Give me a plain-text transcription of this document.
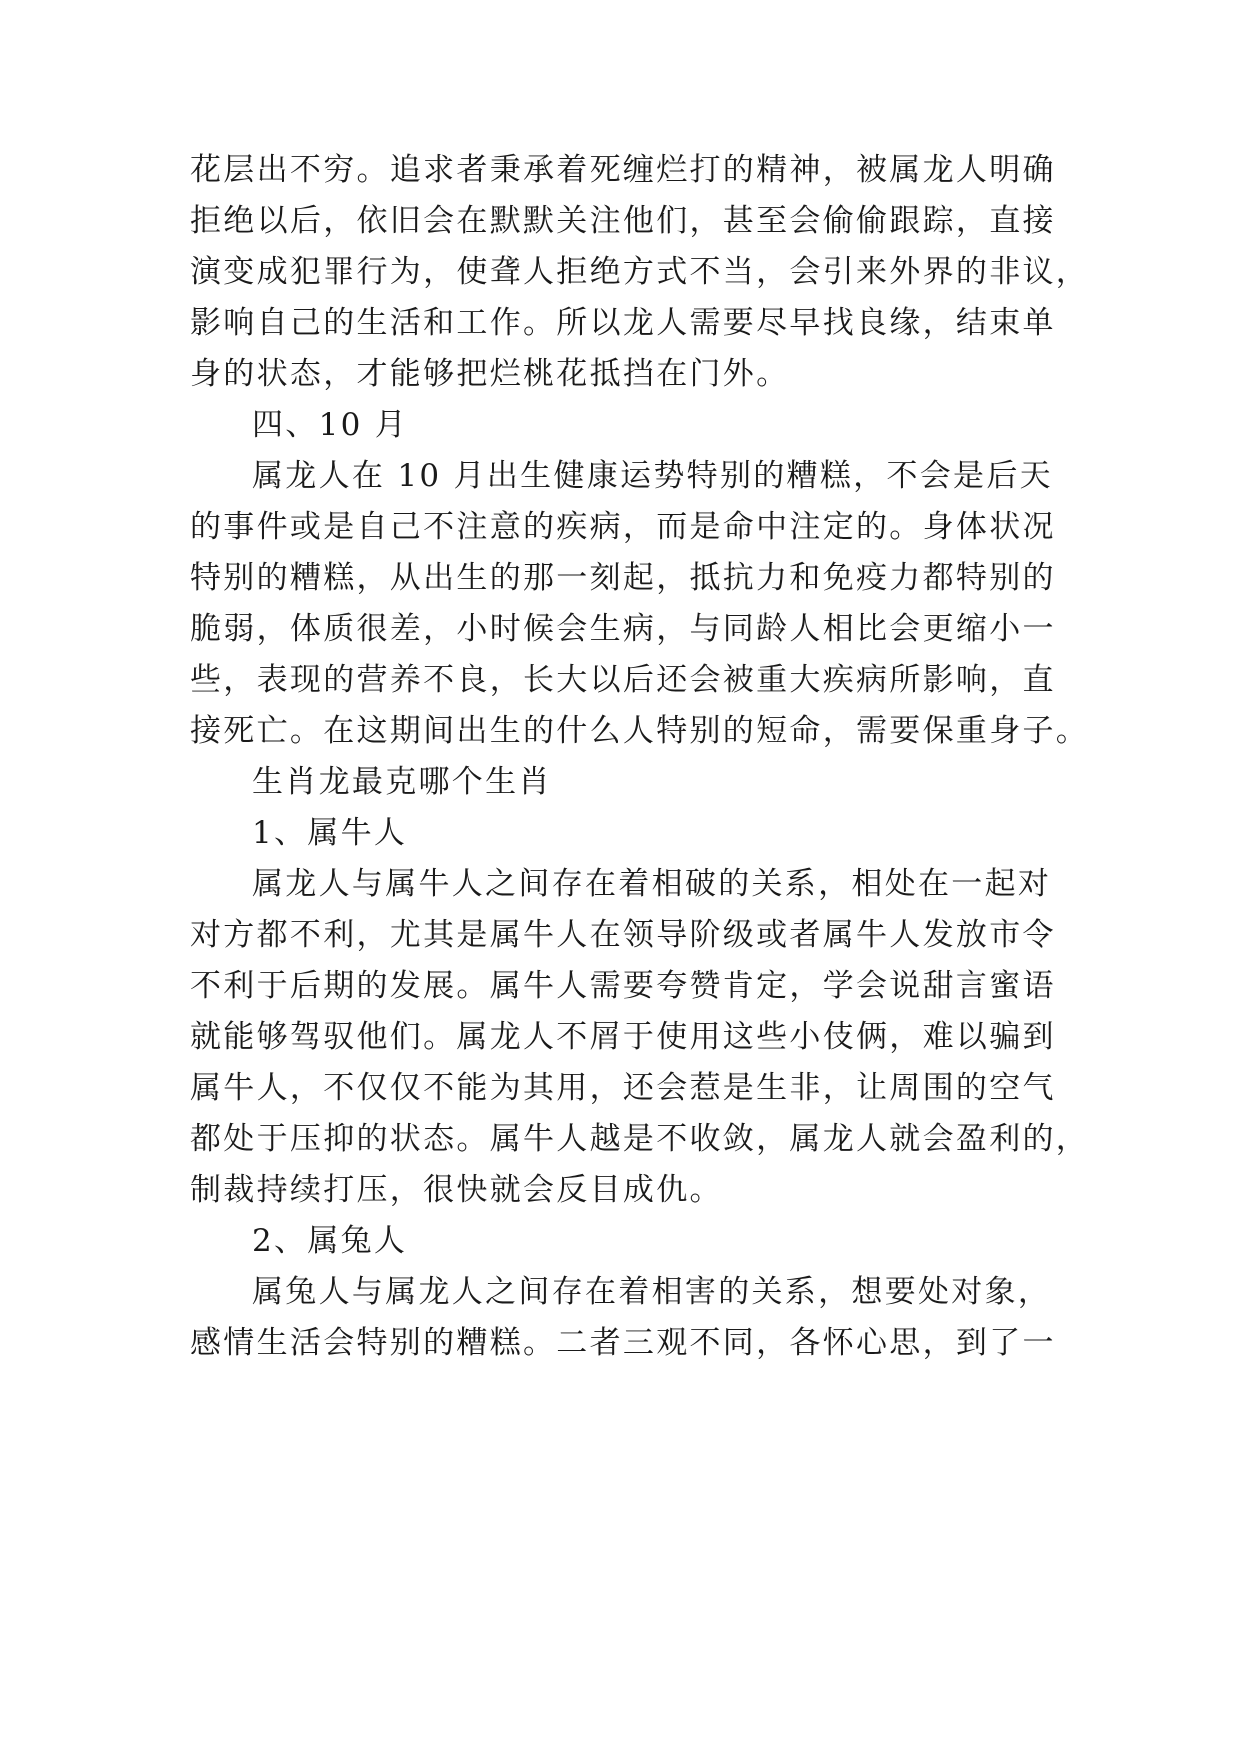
花层出不穷。追求者秉承着死缠烂打的精神，被属龙人明确
拒绝以后，依旧会在默默关注他们，甚至会偷偷跟踪，直接
演变成犯罪行为，使聋人拒绝方式不当，会引来外界的非议，
影响自己的生活和工作。所以龙人需要尽早找良缘，结束单
身的状态，才能够把烂桃花抵挡在门外。
四、10 月
属龙人在 10 月出生健康运势特别的糟糕，不会是后天
的事件或是自己不注意的疾病，而是命中注定的。身体状况
特别的糟糕，从出生的那一刻起，抵抗力和免疫力都特别的
脆弱，体质很差，小时候会生病，与同龄人相比会更缩小一
些，表现的营养不良，长大以后还会被重大疾病所影响，直
接死亡。在这期间出生的什么人特别的短命，需要保重身子。
生肖龙最克哪个生肖
1、属牛人
属龙人与属牛人之间存在着相破的关系，相处在一起对
对方都不利，尤其是属牛人在领导阶级或者属牛人发放市令
不利于后期的发展。属牛人需要夸赞肯定，学会说甜言蜜语
就能够驾驭他们。属龙人不屑于使用这些小伎俩，难以骗到
属牛人，不仅仅不能为其用，还会惹是生非，让周围的空气
都处于压抑的状态。属牛人越是不收敛，属龙人就会盈利的，
制裁持续打压，很快就会反目成仇。
2、属兔人
属兔人与属龙人之间存在着相害的关系，想要处对象，
感情生活会特别的糟糕。二者三观不同，各怀心思，到了一
